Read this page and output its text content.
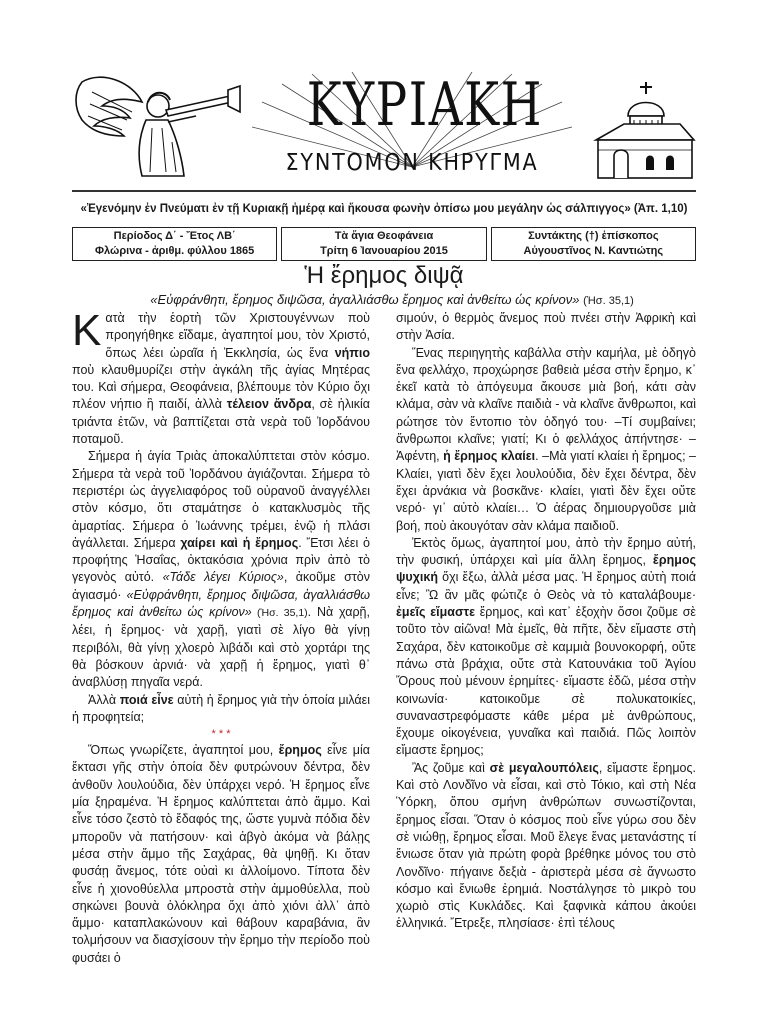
ΚΥΡΙΑΚΗ
ΣΥΝΤΟΜΟΝ ΚΗΡΥΓΜΑ
«Ἐγενόμην ἐν Πνεύματι ἐν τῇ Κυριακῇ ἡμέρᾳ καὶ ἤκουσα φωνὴν ὀπίσω μου μεγάλην ὡς σάλπιγγος» (Ἀπ. 1,10)
Περίοδος Δ΄ - Ἔτος ΛΒ΄
Φλώρινα - ἀριθμ. φύλλου 1865
Τὰ ἅγια Θεοφάνεια
Τρίτη 6 Ἰανουαρίου 2015
Συντάκτης (†) ἐπίσκοπος
Αὐγουστῖνος Ν. Καντιώτης
Ἡ ἔρημος διψᾷ
«Εὐφράνθητι, ἔρημος διψῶσα, ἀγαλλιάσθω ἔρημος καὶ ἀνθείτω ὡς κρίνον» (Ἡσ. 35,1)

Κατὰ τὴν ἑορτὴ τῶν Χριστουγέννων ποὺ προηγήθηκε εἴδαμε, ἀγαπητοί μου, τὸν Χριστό, ὅπως λέει ὡραῖα ἡ Ἐκκλησία, ὡς ἕνα νήπιο ποὺ κλαυθμυρίζει στὴν ἀγκάλη τῆς ἁγίας Μητέρας του. Καὶ σήμερα, Θεοφάνεια, βλέπουμε τὸν Κύριο ὄχι πλέον νήπιο ἢ παιδί, ἀλλὰ τέλειον ἄνδρα, σὲ ἡλικία τριάντα ἐτῶν, νὰ βαπτίζεται στὰ νερὰ τοῦ Ἰορδάνου ποταμοῦ.

Σήμερα ἡ ἁγία Τριὰς ἀποκαλύπτεται στὸν κόσμο. Σήμερα τὰ νερὰ τοῦ Ἰορδάνου ἁγιάζονται. Σήμερα τὸ περιστέρι ὡς ἀγγελιαφόρος τοῦ οὐρανοῦ ἀναγγέλλει στὸν κόσμο, ὅτι σταμάτησε ὁ κατακλυσμὸς τῆς ἁμαρτίας. Σήμερα ὁ Ἰωάννης τρέμει, ἐνῷ ἡ πλάσι ἀγάλλεται. Σήμερα χαίρει καὶ ἡ ἔρημος. Ἔτσι λέει ὁ προφήτης Ἡσαΐας, ὀκτακόσια χρόνια πρὶν ἀπὸ τὸ γεγονὸς αὐτό. «Τάδε λέγει Κύριος», ἀκοῦμε στὸν ἁγιασμό· «Εὐφράνθητι, ἔρημος διψῶσα, ἀγαλλιάσθω ἔρημος καὶ ἀνθείτω ὡς κρίνον» (Ἡσ. 35,1). Νὰ χαρῇ, λέει, ἡ ἔρημος· νὰ χαρῇ, γιατὶ σὲ λίγο θὰ γίνῃ περιβόλι, θὰ γίνῃ χλοερὸ λιβάδι καὶ στὸ χορτάρι της θὰ βόσκουν ἀρνιά· νὰ χαρῇ ἡ ἔρημος, γιατὶ θ᾽ ἀναβλύσῃ πηγαῖα νερά.

Ἀλλὰ ποιά εἶνε αὐτὴ ἡ ἔρημος γιὰ τὴν ὁποία μιλάει ἡ προφητεία;

* * *

Ὅπως γνωρίζετε, ἀγαπητοί μου, ἔρημος εἶνε μία ἔκτασι γῆς στὴν ὁποία δὲν φυτρώνουν δέντρα, δὲν ἀνθοῦν λουλούδια, δὲν ὑπάρχει νερό. Ἡ ἔρημος εἶνε μία ξηραμένα. Ἡ ἔρημος καλύπτεται ἀπὸ ἄμμο. Καὶ εἶνε τόσο ζεστὸ τὸ ἔδαφός της, ὥστε γυμνὰ πόδια δὲν μποροῦν νὰ πατήσουν· καὶ ἀβγὸ ἀκόμα νὰ βάλῃς μέσα στὴν ἄμμο τῆς Σαχάρας, θὰ ψηθῇ. Κι ὅταν φυσάῃ ἄνεμος, τότε οὐαὶ κι ἀλλοίμονο. Τίποτα δὲν εἶνε ἡ χιονοθύελλα μπροστὰ στὴν ἀμμοθύελλα, ποὺ σηκώνει βουνὰ ὁλόκληρα ὄχι ἀπὸ χιόνι ἀλλ᾽ ἀπὸ ἄμμο· καταπλακώνουν καὶ θάβουν καραβάνια, ἂν τολμήσουν να διασχίσουν τὴν ἔρημο τὴν περίοδο ποὺ φυσάει ὁ

σιμούν, ὁ θερμὸς ἄνεμος ποὺ πνέει στὴν Ἀφρικὴ καὶ στὴν Ἀσία.

Ἕνας περιηγητὴς καβάλλα στὴν καμήλα, μὲ ὁδηγὸ ἕνα φελλάχο, προχώρησε βαθειὰ μέσα στὴν ἔρημο, κ᾽ ἐκεῖ κατὰ τὸ ἀπόγευμα ἄκουσε μιὰ βοή, κάτι σὰν κλάμα, σὰν νὰ κλαῖνε παιδιὰ - νὰ κλαῖνε ἄνθρωποι, καὶ ρώτησε τὸν ἔντοπιο τὸν ὁδηγό του· –Τί συμβαίνει; ἄνθρωποι κλαῖνε; γιατί; Κι ὁ φελλάχος ἀπήντησε· –Ἀφέντη, ἡ ἔρημος κλαίει. –Μὰ γιατί κλαίει ἡ ἔρημος; –Κλαίει, γιατὶ δὲν ἔχει λουλούδια, δὲν ἔχει δέντρα, δὲν ἔχει ἀρνάκια νὰ βοσκᾶνε· κλαίει, γιατὶ δὲν ἔχει οὔτε νερό· γι᾽ αὐτὸ κλαίει… Ὁ ἀέρας δημιουργοῦσε μιὰ βοή, ποὺ ἀκουγόταν σὰν κλάμα παιδιοῦ.

Ἐκτὸς ὅμως, ἀγαπητοί μου, ἀπὸ τὴν ἔρημο αὐτή, τὴν φυσική, ὑπάρχει καὶ μία ἄλλη ἔρημος, ἔρημος ψυχική ὄχι ἔξω, ἀλλὰ μέσα μας. Ἡ ἔρημος αὐτὴ ποιά εἶνε; Ὢ ἂν μᾶς φώτιζε ὁ Θεὸς νὰ τὸ καταλάβουμε· ἐμεῖς εἴμαστε ἔρημος, καὶ κατ᾽ ἐξοχὴν ὅσοι ζοῦμε σὲ τοῦτο τὸν αἰῶνα! Μὰ ἐμεῖς, θὰ πῆτε, δὲν εἴμαστε στὴ Σαχάρα, δὲν κατοικοῦμε σὲ καμμιὰ βουνοκορφή, οὔτε πάνω στὰ βράχια, οὔτε στὰ Κατουνάκια τοῦ Ἁγίου Ὄρους ποὺ μένουν ἐρημίτες· εἴμαστε ἐδῶ, μέσα στὴν κοινωνία· κατοικοῦμε σὲ πολυκατοικίες, συναναστρεφόμαστε κάθε μέρα μὲ ἀνθρώπους, ἔχουμε οἰκογένεια, γυναῖκα καὶ παιδιά. Πῶς λοιπὸν εἴμαστε ἔρημος;

Ἂς ζοῦμε καὶ σὲ μεγαλουπόλεις, εἴμαστε ἔρημος. Καὶ στὸ Λονδῖνο νὰ εἶσαι, καὶ στὸ Τόκιο, καὶ στὴ Νέα Ὑόρκη, ὅπου σμήνη ἀνθρώπων συνωστίζονται, ἔρημος εἶσαι. Ὅταν ὁ κόσμος ποὺ εἶνε γύρω σου δὲν σὲ νιώθῃ, ἔρημος εἶσαι. Μοῦ ἔλεγε ἕνας μετανάστης τί ἔνιωσε ὅταν γιὰ πρώτη φορὰ βρέθηκε μόνος του στὸ Λονδῖνο· πήγαινε δεξιὰ - ἀριστερὰ μέσα σὲ ἄγνωστο κόσμο καὶ ἔνιωθε ἐρημιά. Νοστάλγησε τὸ μικρὸ του χωριὸ στὶς Κυκλάδες. Καὶ ξαφνικὰ κάπου ἀκούει ἑλληνικά. Ἔτρεξε, πλησίασε· ἐπὶ τέλους
